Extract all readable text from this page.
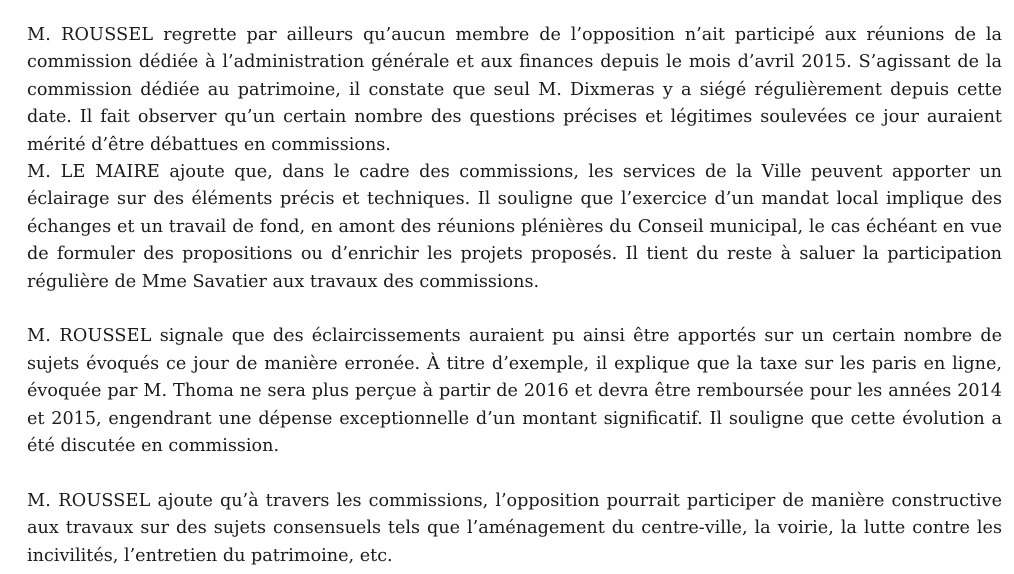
M. ROUSSEL regrette par ailleurs qu’aucun membre de l’opposition n’ait participé aux réunions de la commission dédiée à l’administration générale et aux finances depuis le mois d’avril 2015. S’agissant de la commission dédiée au patrimoine, il constate que seul M. Dixmeras y a siégé régulièrement depuis cette date. Il fait observer qu’un certain nombre des questions précises et légitimes soulevées ce jour auraient mérité d’être débattues en commissions.

M. LE MAIRE ajoute que, dans le cadre des commissions, les services de la Ville peuvent apporter un éclairage sur des éléments précis et techniques. Il souligne que l’exercice d’un mandat local implique des échanges et un travail de fond, en amont des réunions plénières du Conseil municipal, le cas échéant en vue de formuler des propositions ou d’enrichir les projets proposés. Il tient du reste à saluer la participation régulière de Mme Savatier aux travaux des commissions.

M. ROUSSEL signale que des éclaircissements auraient pu ainsi être apportés sur un certain nombre de sujets évoqués ce jour de manière erronée. À titre d’exemple, il explique que la taxe sur les paris en ligne, évoquée par M. Thoma ne sera plus perçue à partir de 2016 et devra être remboursée pour les années 2014 et 2015, engendrant une dépense exceptionnelle d’un montant significatif. Il souligne que cette évolution a été discutée en commission.

M. ROUSSEL ajoute qu’à travers les commissions, l’opposition pourrait participer de manière constructive aux travaux sur des sujets consensuels tels que l’aménagement du centre-ville, la voirie, la lutte contre les incivilités, l’entretien du patrimoine, etc.
